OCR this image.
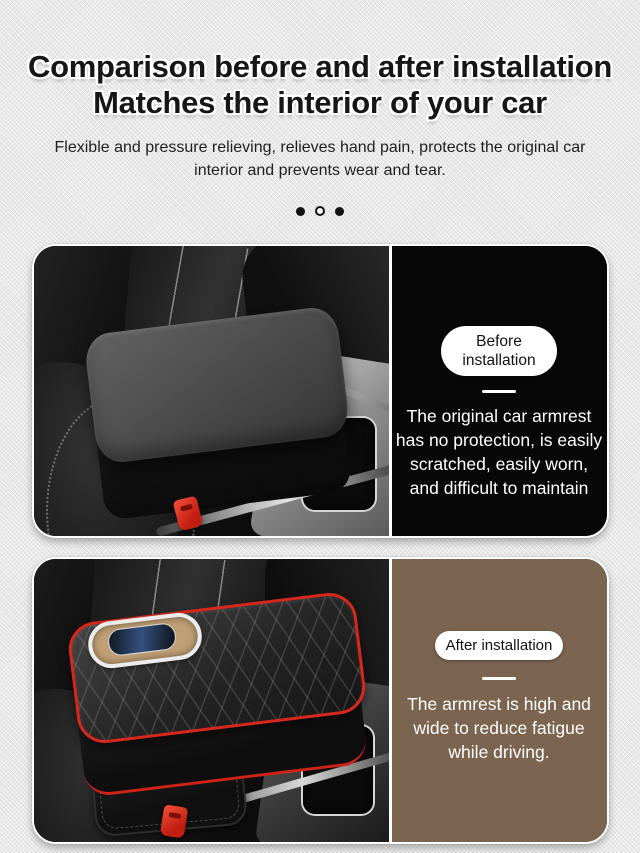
Comparison before and after installation
Matches the interior of your car

Flexible and pressure relieving, relieves hand pain, protects the original car interior and prevents wear and tear.

Before installation

The original car armrest has no protection, is easily scratched, easily worn, and difficult to maintain

After installation

The armrest is high and wide to reduce fatigue while driving.
